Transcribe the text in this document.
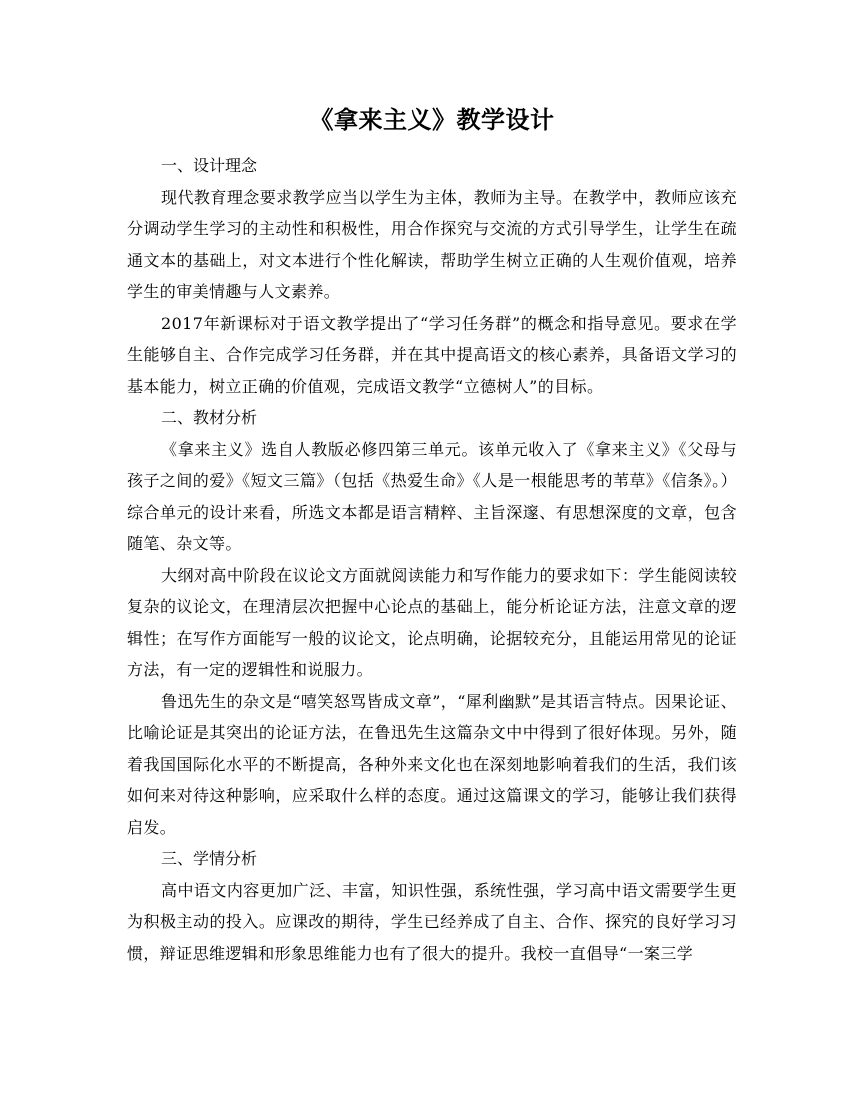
《拿来主义》教学设计

一、设计理念

现代教育理念要求教学应当以学生为主体，教师为主导。在教学中，教师应该充分调动学生学习的主动性和积极性，用合作探究与交流的方式引导学生，让学生在疏通文本的基础上，对文本进行个性化解读，帮助学生树立正确的人生观价值观，培养学生的审美情趣与人文素养。

2017年新课标对于语文教学提出了“学习任务群”的概念和指导意见。要求在学生能够自主、合作完成学习任务群，并在其中提高语文的核心素养，具备语文学习的基本能力，树立正确的价值观，完成语文教学“立德树人”的目标。

二、教材分析

《拿来主义》选自人教版必修四第三单元。该单元收入了《拿来主义》《父母与孩子之间的爱》《短文三篇》（包括《热爱生命》《人是一根能思考的苇草》《信条》。）综合单元的设计来看，所选文本都是语言精粹、主旨深邃、有思想深度的文章，包含随笔、杂文等。

大纲对高中阶段在议论文方面就阅读能力和写作能力的要求如下：学生能阅读较复杂的议论文，在理清层次把握中心论点的基础上，能分析论证方法，注意文章的逻辑性；在写作方面能写一般的议论文，论点明确，论据较充分，且能运用常见的论证方法，有一定的逻辑性和说服力。

鲁迅先生的杂文是“嘻笑怒骂皆成文章”，“犀利幽默”是其语言特点。因果论证、比喻论证是其突出的论证方法，在鲁迅先生这篇杂文中中得到了很好体现。另外，随着我国国际化水平的不断提高，各种外来文化也在深刻地影响着我们的生活，我们该如何来对待这种影响，应采取什么样的态度。通过这篇课文的学习，能够让我们获得启发。

三、学情分析

高中语文内容更加广泛、丰富，知识性强，系统性强，学习高中语文需要学生更为积极主动的投入。应课改的期待，学生已经养成了自主、合作、探究的良好学习习惯，辩证思维逻辑和形象思维能力也有了很大的提升。我校一直倡导“一案三学
